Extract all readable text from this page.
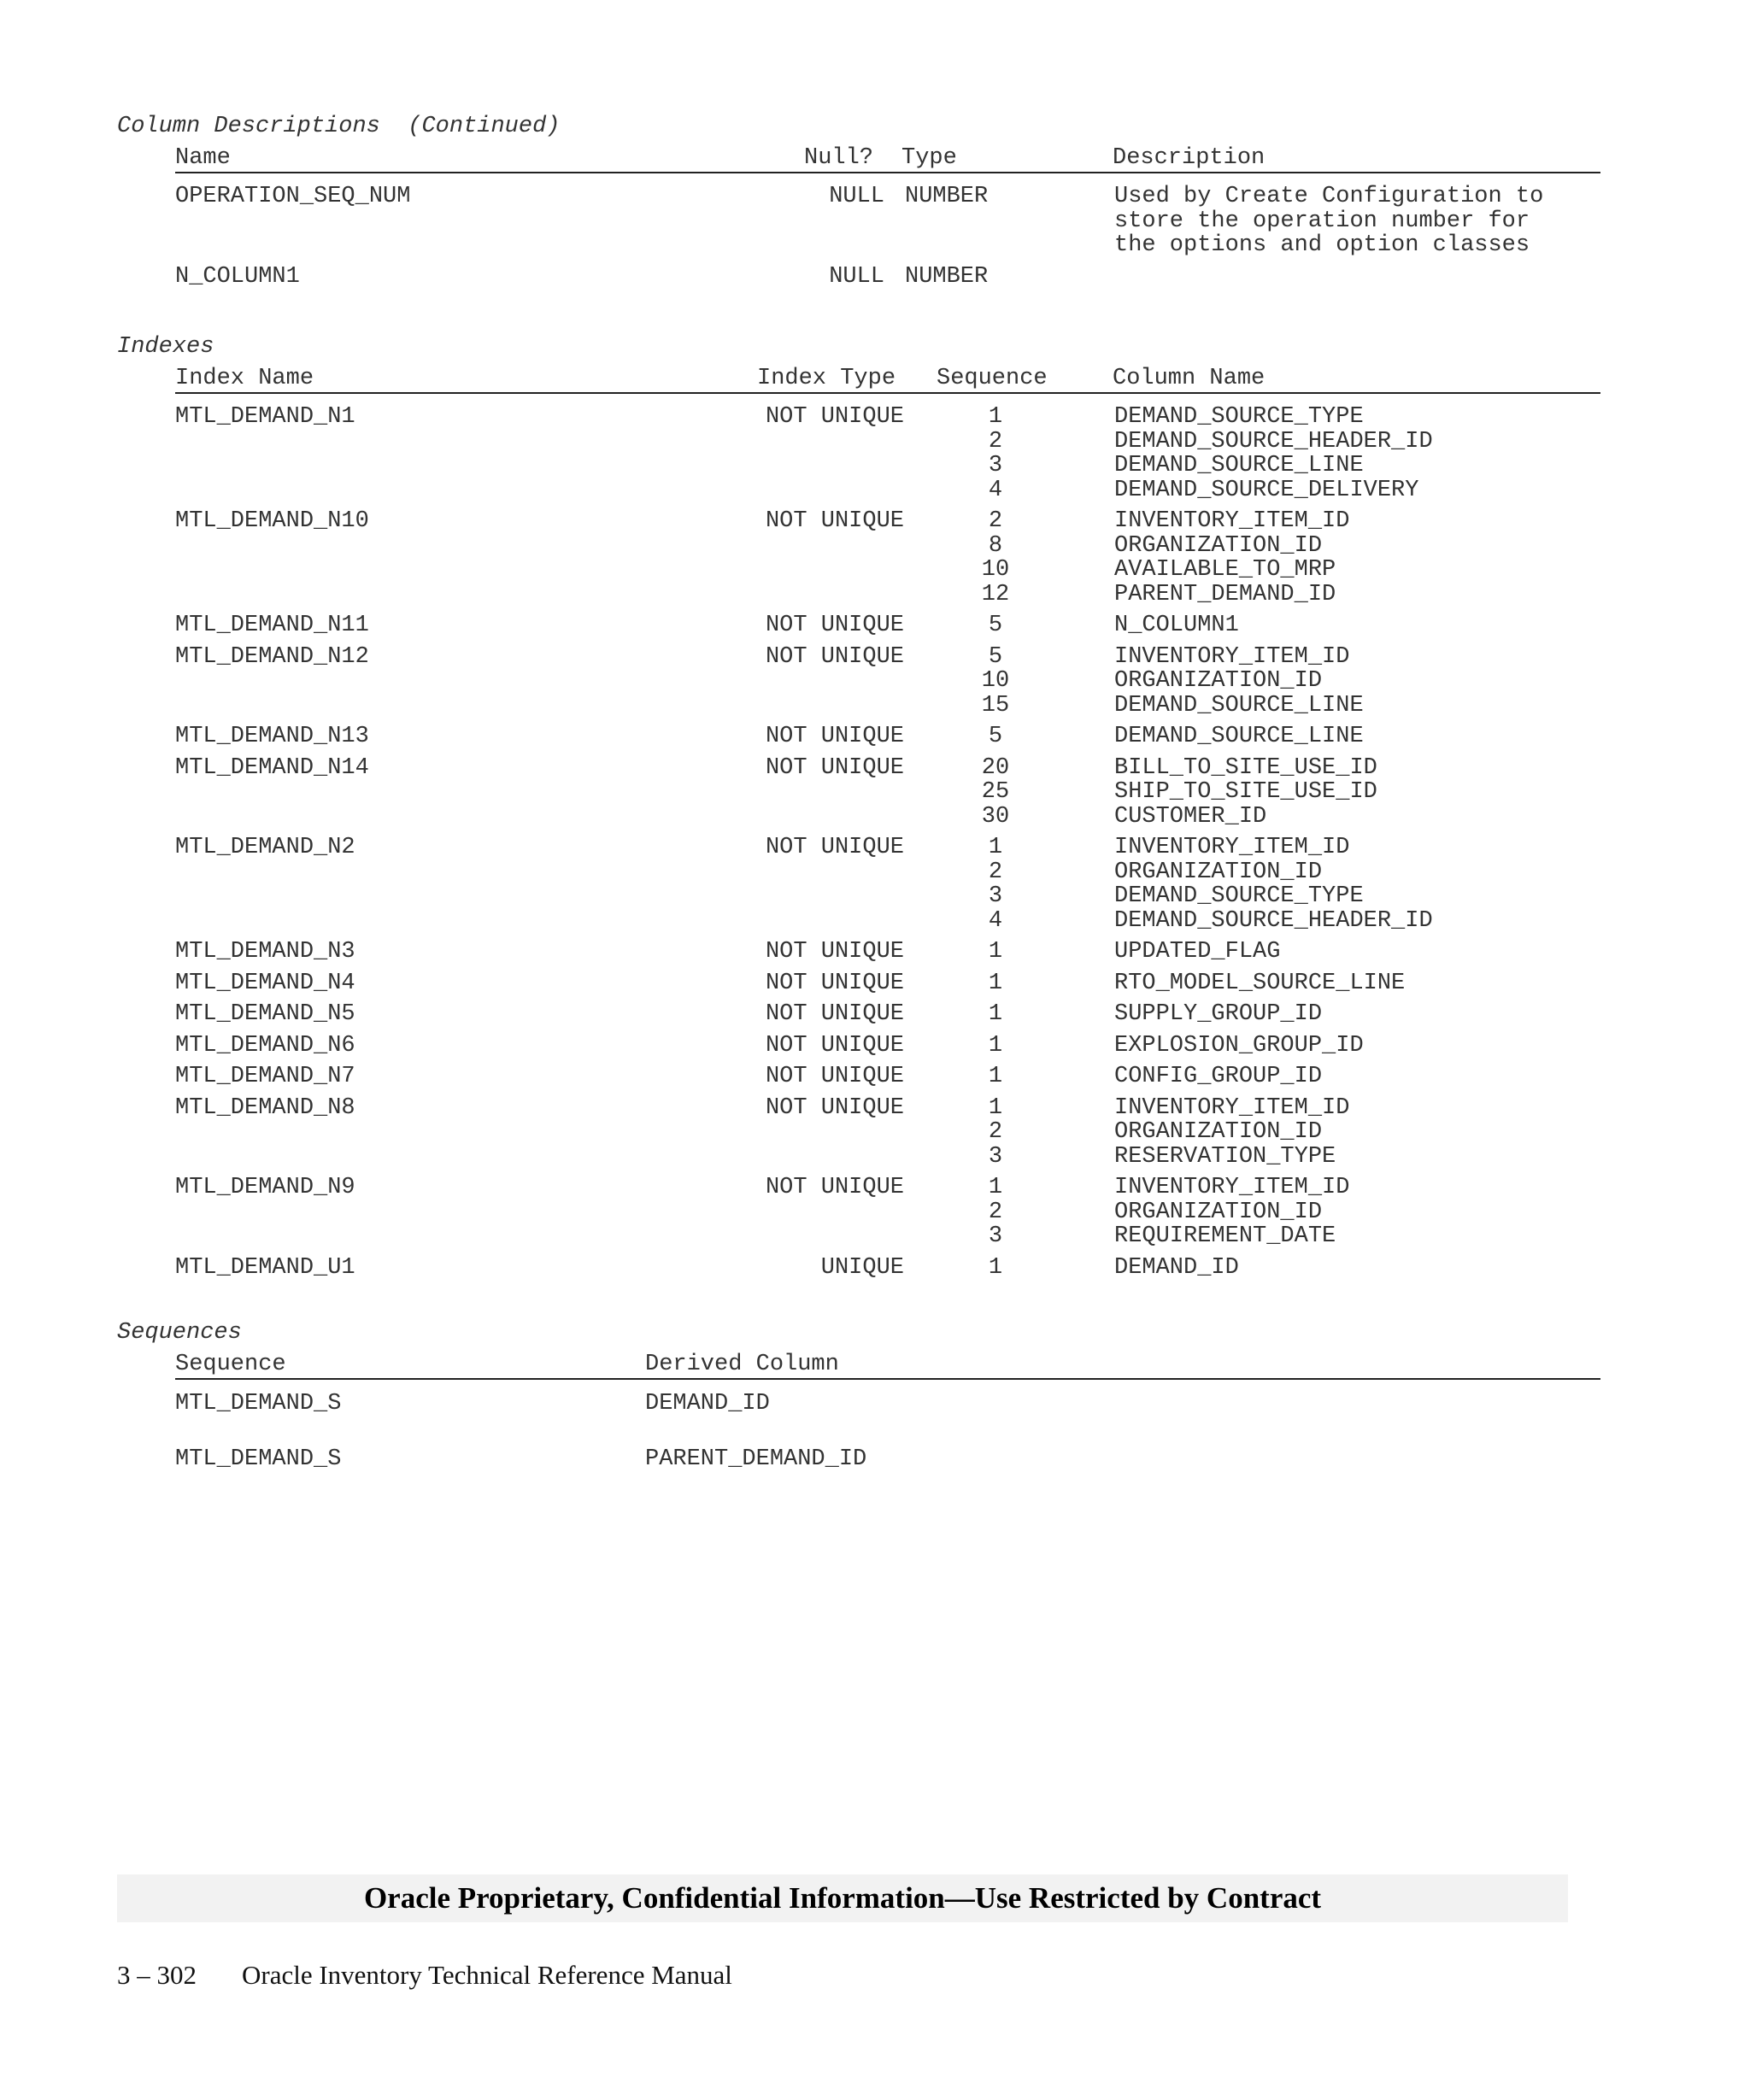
Column Descriptions  (Continued)
Name	Null? Type	Description
OPERATION_SEQ_NUM	NULL NUMBER	Used by Create Configuration to
store the operation number for
the options and option classes
N_COLUMN1	NULL NUMBER
Indexes
Index Name	Index Type Sequence	Column Name
MTL_DEMAND_N1	NOT UNIQUE	1	DEMAND_SOURCE_TYPE
2	DEMAND_SOURCE_HEADER_ID
3	DEMAND_SOURCE_LINE
4	DEMAND_SOURCE_DELIVERY
MTL_DEMAND_N10	NOT UNIQUE	2	INVENTORY_ITEM_ID
8	ORGANIZATION_ID
10	AVAILABLE_TO_MRP
12	PARENT_DEMAND_ID
MTL_DEMAND_N11	NOT UNIQUE	5	N_COLUMN1
MTL_DEMAND_N12	NOT UNIQUE	5	INVENTORY_ITEM_ID
10	ORGANIZATION_ID
15	DEMAND_SOURCE_LINE
MTL_DEMAND_N13	NOT UNIQUE	5	DEMAND_SOURCE_LINE
MTL_DEMAND_N14	NOT UNIQUE	20	BILL_TO_SITE_USE_ID
25	SHIP_TO_SITE_USE_ID
30	CUSTOMER_ID
MTL_DEMAND_N2	NOT UNIQUE	1	INVENTORY_ITEM_ID
2	ORGANIZATION_ID
3	DEMAND_SOURCE_TYPE
4	DEMAND_SOURCE_HEADER_ID
MTL_DEMAND_N3	NOT UNIQUE	1	UPDATED_FLAG
MTL_DEMAND_N4	NOT UNIQUE	1	RTO_MODEL_SOURCE_LINE
MTL_DEMAND_N5	NOT UNIQUE	1	SUPPLY_GROUP_ID
MTL_DEMAND_N6	NOT UNIQUE	1	EXPLOSION_GROUP_ID
MTL_DEMAND_N7	NOT UNIQUE	1	CONFIG_GROUP_ID
MTL_DEMAND_N8	NOT UNIQUE	1	INVENTORY_ITEM_ID
2	ORGANIZATION_ID
3	RESERVATION_TYPE
MTL_DEMAND_N9	NOT UNIQUE	1	INVENTORY_ITEM_ID
2	ORGANIZATION_ID
3	REQUIREMENT_DATE
MTL_DEMAND_U1	UNIQUE	1	DEMAND_ID
Sequences
Sequence	Derived Column
MTL_DEMAND_S	DEMAND_ID
MTL_DEMAND_S	PARENT_DEMAND_ID
Oracle Proprietary, Confidential Information––Use Restricted by Contract
3 – 302 Oracle Inventory Technical Reference Manual
